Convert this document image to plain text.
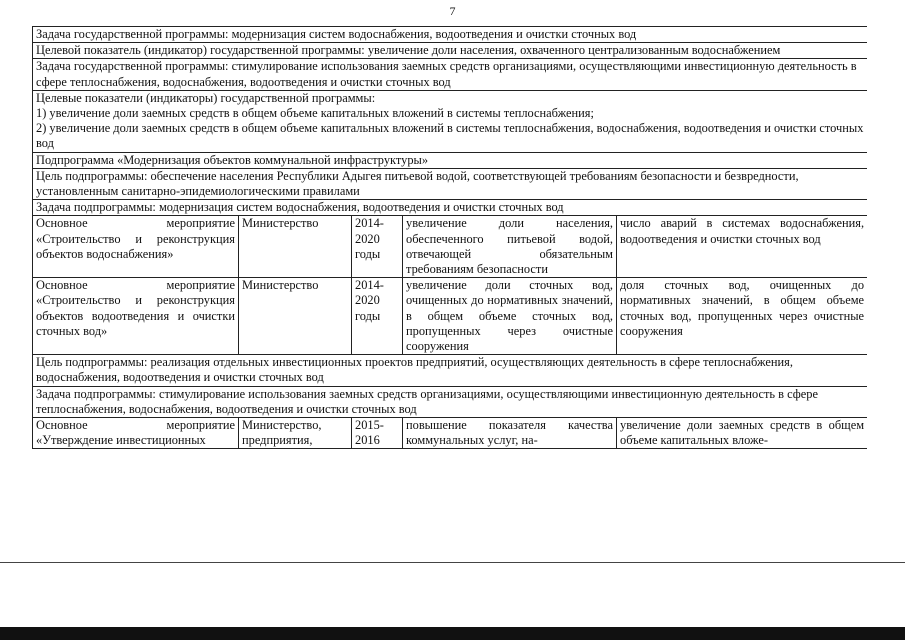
7
Задача государственной программы: модернизация систем водоснабжения, водоотведения и очистки сточных вод				
Целевой показатель (индикатор) государственной программы: увеличение доли населения, охваченного централизованным водоснабжением				
Задача государственной программы: стимулирование использования заемных средств организациями, осуществляющими инвестиционную деятельность в сфере теплоснабжения, водоснабжения, водоотведения и очистки сточных вод				

Целевые показатели (индикаторы) государственной программы:
1) увеличение доли заемных средств в общем объеме капитальных вложений в системы теплоснабжения;
2) увеличение доли заемных средств в общем объеме капитальных вложений в системы теплоснабжения, водоснабжения, водоотведения и очистки сточных вод				

Подпрограмма «Модернизация объектов коммунальной инфраструктуры»				
Цель подпрограммы: обеспечение населения Республики Адыгея питьевой водой, соответствующей требованиям безопасности и безвредности, установленным санитарно-эпидемиологическими правилами				
Задача подпрограммы: модернизация систем водоснабжения, водоотведения и очистки сточных вод				
Основное мероприятие «Строительство и реконструкция объектов водоснабжения»	Министерство	2014-2020 годы	увеличение доли населения, обеспеченного питьевой водой, отвечающей обязательным требованиям безопасности	число аварий в системах водоснабжения, водоотведения и очистки сточных вод
Основное мероприятие «Строительство и реконструкция объектов водоотведения и очистки сточных вод»	Министерство	2014-2020 годы	увеличение доли сточных вод, очищенных до нормативных значений, в общем объеме сточных вод, пропущенных через очистные сооружения	доля сточных вод, очищенных до нормативных значений, в общем объеме сточных вод, пропущенных через очистные сооружения
Цель подпрограммы: реализация отдельных инвестиционных проектов предприятий, осуществляющих деятельность в сфере теплоснабжения, водоснабжения, водоотведения и очистки сточных вод				
Задача подпрограммы: стимулирование использования заемных средств организациями, осуществляющими инвестиционную деятельность в сфере теплоснабжения, водоснабжения, водоотведения и очистки сточных вод				
Основное мероприятие «Утверждение инвестиционных	Министерство, предприятия,	2015-2016	повышение показателя качества коммунальных услуг, на-	увеличение доли заемных средств в общем объеме капитальных вложе-
